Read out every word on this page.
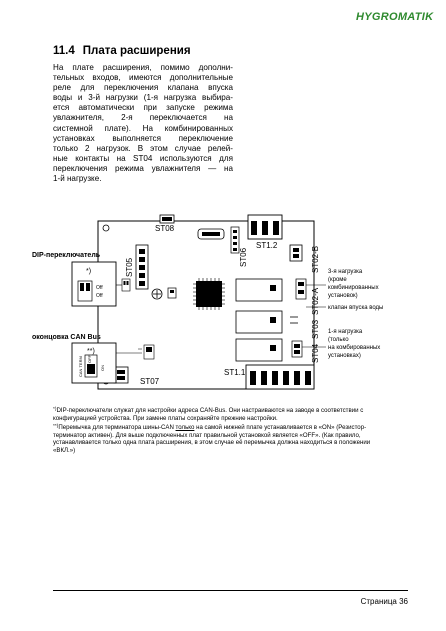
HYGROMATIK
11.4 Плата расширения
На плате расширения, помимо дополни-
тельных входов, имеются дополнительные
реле для переключения клапана впуска
воды и 3-й нагрузки (1-я нагрузка выбира-
ется автоматически при запуске режима
увлажнителя, 2-я переключается на
системной плате). На комбинированных
установках выполняется переключение
только 2 нагрузок. В этом случае релей-
ные контакты на ST04 используются для
переключения режима увлажнителя — на
1-й нагрузке.
ST08
ST06
ST1.2
ST05	ST02-B
ST02-A
ST03
ST04
ST07
ST1.1
DIP-переключатель
*)
Off
Off
оконцовка CAN Bus
**)
CAN TERM OFF
ON
3-я нагрузка
(кроме
комбинированных
установок)
клапан впуска воды
1-я нагрузка
(только
на комбированных
установках)
*)DIP-переключатели служат для настройки адреса CAN-Bus. Они настраиваются на заводе в соответствии с
конфигурацией устройства. При замене платы сохраняйте прежние настройки.
**)Перемычка для терминатора шины-CAN только на самой нижней плате устанавливается в «ON» (Резистор-
терминатор активен). Для выше подключенных плат правильной установкой является «OFF». (Как правило,
устанавливается только одна плата расширения, в этом случае её перемычка должна находиться в положении
«ВКЛ.»)
Страница 36
